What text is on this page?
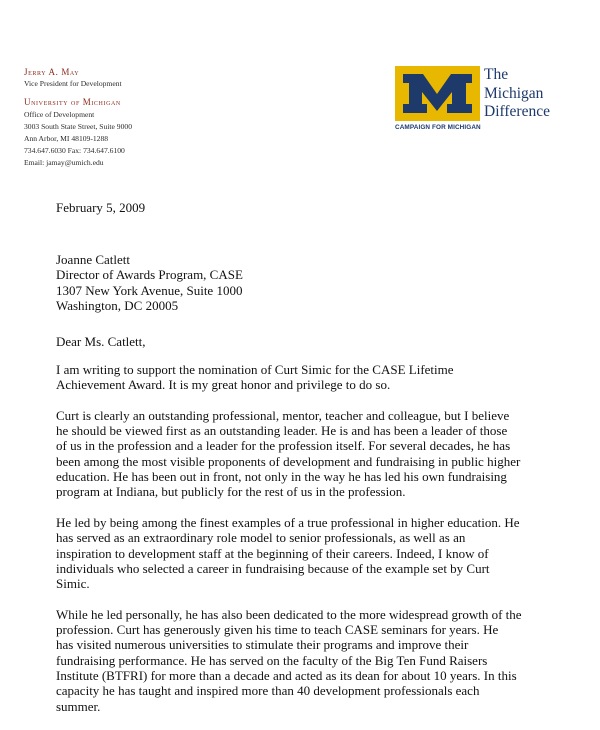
Jerry A. May
Vice President for Development
University of Michigan
Office of Development
3003 South State Street, Suite 9000
Ann Arbor, MI 48109-1288
734.647.6030 Fax: 734.647.6100
Email: jamay@umich.edu
The
Michigan
Difference
CAMPAIGN FOR MICHIGAN
February 5, 2009
Joanne Catlett
Director of Awards Program, CASE
1307 New York Avenue, Suite 1000
Washington, DC 20005
Dear Ms. Catlett,

I am writing to support the nomination of Curt Simic for the CASE Lifetime
Achievement Award. It is my great honor and privilege to do so.

Curt is clearly an outstanding professional, mentor, teacher and colleague, but I believe
he should be viewed first as an outstanding leader. He is and has been a leader of those
of us in the profession and a leader for the profession itself. For several decades, he has
been among the most visible proponents of development and fundraising in public higher
education. He has been out in front, not only in the way he has led his own fundraising
program at Indiana, but publicly for the rest of us in the profession.

He led by being among the finest examples of a true professional in higher education. He
has served as an extraordinary role model to senior professionals, as well as an
inspiration to development staff at the beginning of their careers. Indeed, I know of
individuals who selected a career in fundraising because of the example set by Curt
Simic.

While he led personally, he has also been dedicated to the more widespread growth of the
profession. Curt has generously given his time to teach CASE seminars for years. He
has visited numerous universities to stimulate their programs and improve their
fundraising performance. He has served on the faculty of the Big Ten Fund Raisers
Institute (BTFRI) for more than a decade and acted as its dean for about 10 years. In this
capacity he has taught and inspired more than 40 development professionals each
summer.
